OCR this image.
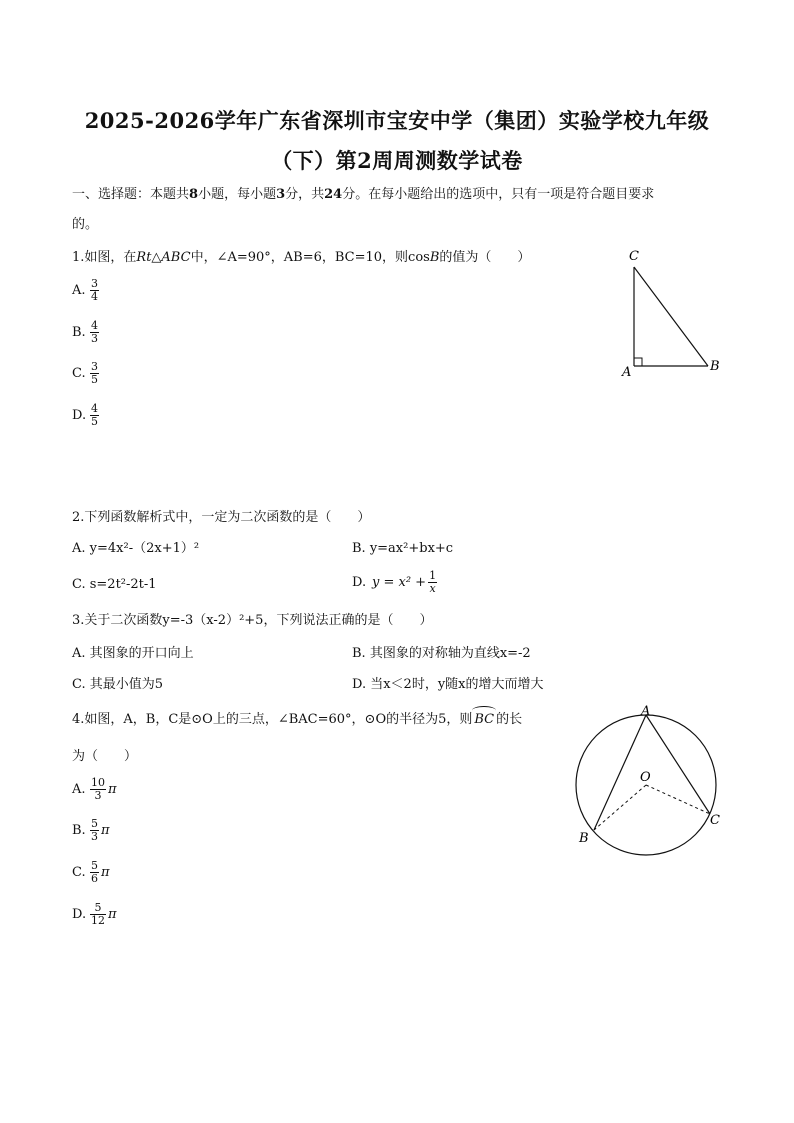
2025-2026学年广东省深圳市宝安中学（集团）实验学校九年级
（下）第2周周测数学试卷
一、选择题：本题共8小题，每小题3分，共24分。在每小题给出的选项中，只有一项是符合题目要求
的。
1.如图，在Rt△ABC中，∠A=90°，AB=6，BC=10，则cosB的值为（　　）
A. $\frac{3}{4}$
B. $\frac{4}{3}$
C. $\frac{3}{5}$
D. $\frac{4}{5}$
C
A	B
2.下列函数解析式中，一定为二次函数的是（　　）
A. y=4x²-（2x+1）²	B. y=ax²+bx+c
C. s=2t²-2t-1	D. $y = x^2 + \frac{1}{x}$
3.关于二次函数y=-3（x-2）²+5，下列说法正确的是（　　）
A. 其图象的开口向上	B. 其图象的对称轴为直线x=-2
C. 其最小值为5	D. 当x＜2时，y随x的增大而增大
4.如图，A，B，C是⊙O上的三点，∠BAC=60°，⊙O的半径为5，则 BC 的长
为（　　）
A. $\frac{10}{3}$ π
B. $\frac{5}{3}$ π
C. $\frac{5}{6}$ π
D. $\frac{5}{12}$ π
A
O
B
C
